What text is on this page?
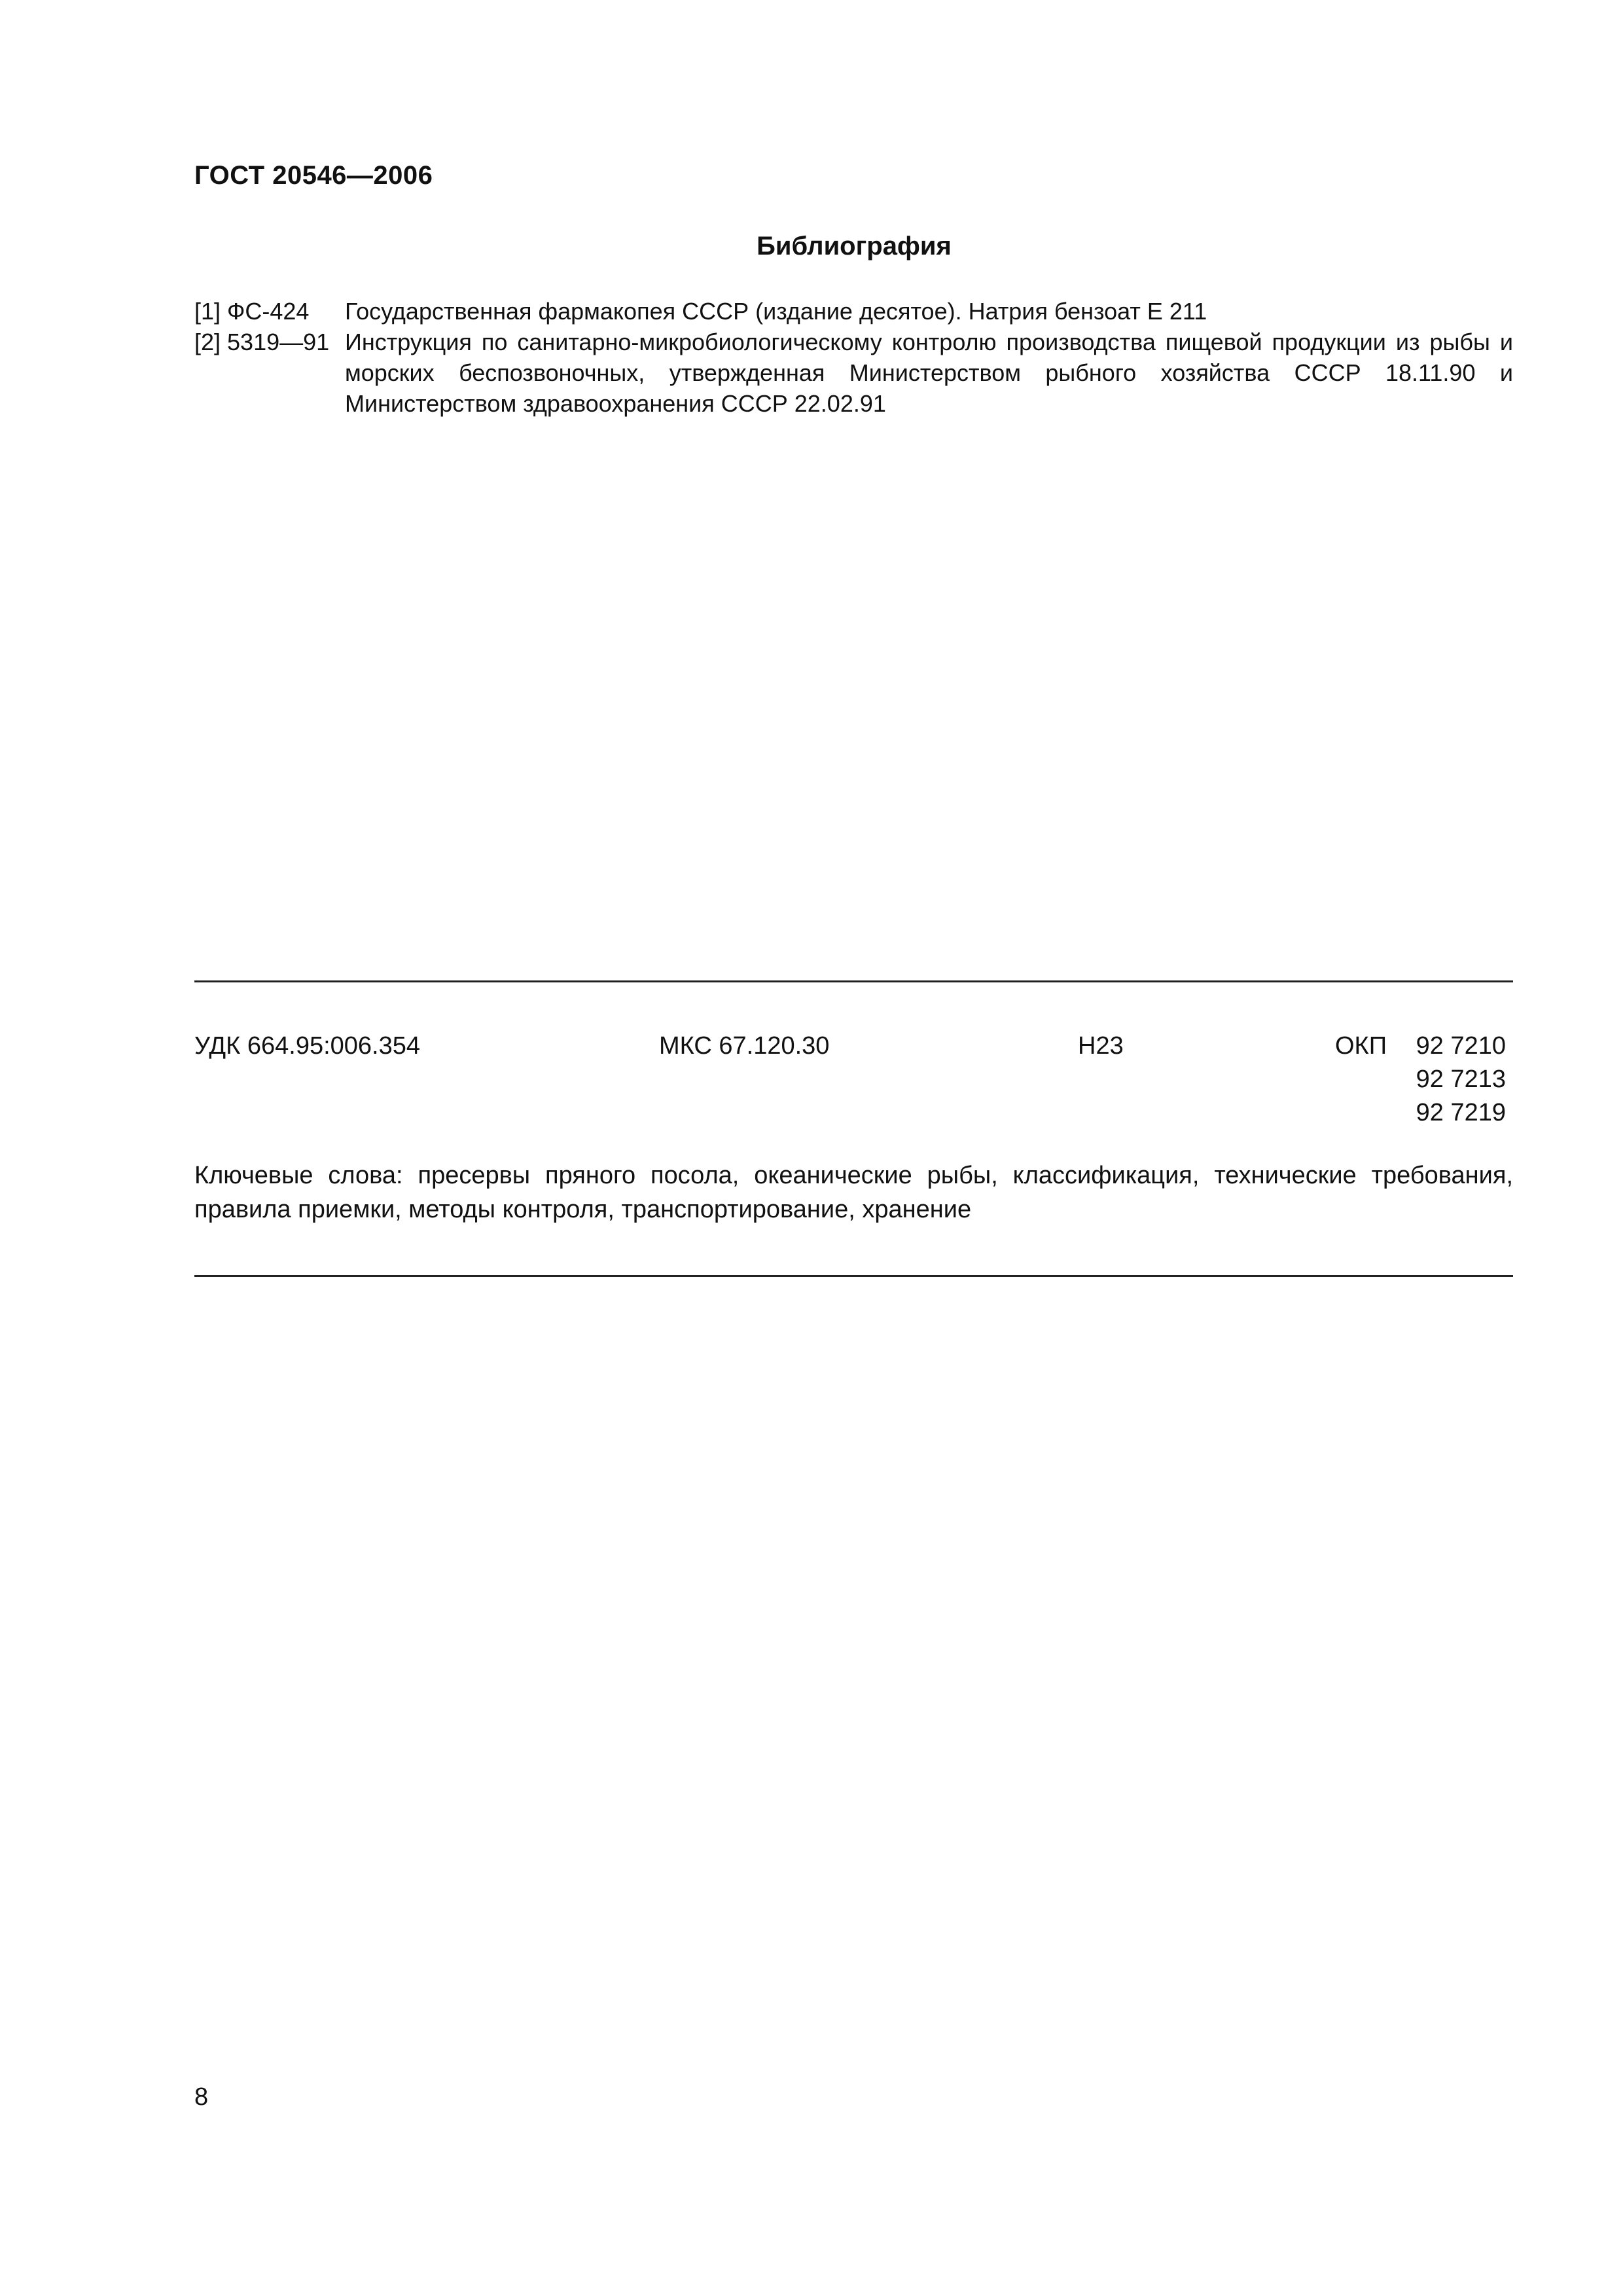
ГОСТ 20546—2006
Библиография
[1] ФС-424	Государственная фармакопея СССР (издание десятое). Натрия бензоат Е 211
[2] 5319—91 Инструкция по санитарно-микробиологическому контролю производства пищевой продукции из рыбы и морских беспозвоночных, утвержденная Министерством рыбного хозяйства СССР 18.11.90 и Министерством здравоохранения СССР 22.02.91
УДК 664.95:006.354	МКС 67.120.30	Н23	ОКП	92 7210
92 7213
92 7219
Ключевые слова: пресервы пряного посола, океанические рыбы, классификация, технические требования, правила приемки, методы контроля, транспортирование, хранение
8
